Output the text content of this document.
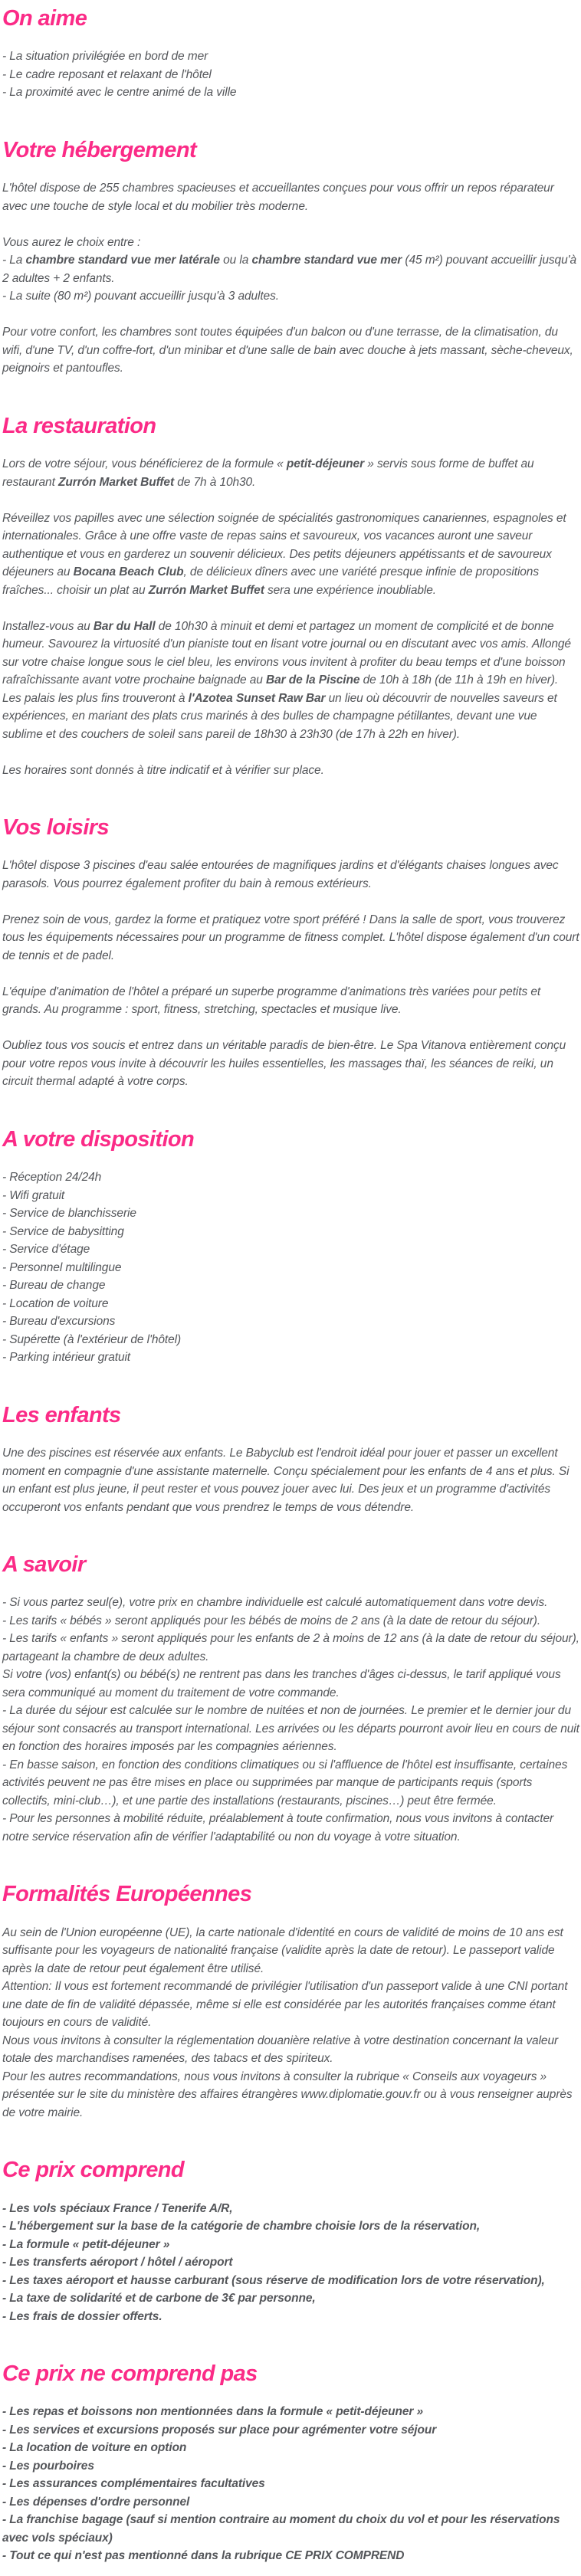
On aime

- La situation privilégiée en bord de mer

- Le cadre reposant et relaxant de l'hôtel

- La proximité avec le centre animé de la ville

Votre hébergement

L'hôtel dispose de 255 chambres spacieuses et accueillantes conçues pour vous offrir un repos réparateur avec une touche de style local et du mobilier très moderne.

Vous aurez le choix entre :

- La chambre standard vue mer latérale ou la chambre standard vue mer (45 m²) pouvant accueillir jusqu'à 2 adultes + 2 enfants.

- La suite (80 m²) pouvant accueillir jusqu'à 3 adultes.

Pour votre confort, les chambres sont toutes équipées d'un balcon ou d'une terrasse, de la climatisation, du wifi, d'une TV, d'un coffre-fort, d'un minibar et d'une salle de bain avec douche à jets massant, sèche-cheveux, peignoirs et pantoufles.

La restauration

Lors de votre séjour, vous bénéficierez de la formule « petit-déjeuner » servis sous forme de buffet au restaurant Zurrón Market Buffet de 7h à 10h30.

Réveillez vos papilles avec une sélection soignée de spécialités gastronomiques canariennes, espagnoles et internationales. Grâce à une offre vaste de repas sains et savoureux, vos vacances auront une saveur authentique et vous en garderez un souvenir délicieux. Des petits déjeuners appétissants et de savoureux déjeuners au Bocana Beach Club, de délicieux dîners avec une variété presque infinie de propositions fraîches... choisir un plat au Zurrón Market Buffet sera une expérience inoubliable.

Installez-vous au Bar du Hall de 10h30 à minuit et demi et partagez un moment de complicité et de bonne humeur. Savourez la virtuosité d'un pianiste tout en lisant votre journal ou en discutant avec vos amis. Allongé sur votre chaise longue sous le ciel bleu, les environs vous invitent à profiter du beau temps et d'une boisson rafraîchissante avant votre prochaine baignade au Bar de la Piscine de 10h à 18h (de 11h à 19h en hiver). Les palais les plus fins trouveront à l'Azotea Sunset Raw Bar un lieu où découvrir de nouvelles saveurs et expériences, en mariant des plats crus marinés à des bulles de champagne pétillantes, devant une vue sublime et des couchers de soleil sans pareil de 18h30 à 23h30 (de 17h à 22h en hiver).

Les horaires sont donnés à titre indicatif et à vérifier sur place.

Vos loisirs

L'hôtel dispose 3 piscines d'eau salée entourées de magnifiques jardins et d'élégants chaises longues avec parasols. Vous pourrez également profiter du bain à remous extérieurs.

Prenez soin de vous, gardez la forme et pratiquez votre sport préféré ! Dans la salle de sport, vous trouverez tous les équipements nécessaires pour un programme de fitness complet. L'hôtel dispose également d'un court de tennis et de padel.

L'équipe d'animation de l'hôtel a préparé un superbe programme d'animations très variées pour petits et grands. Au programme : sport, fitness, stretching, spectacles et musique live.

Oubliez tous vos soucis et entrez dans un véritable paradis de bien-être. Le Spa Vitanova entièrement conçu pour votre repos vous invite à découvrir les huiles essentielles, les massages thaï, les séances de reiki, un circuit thermal adapté à votre corps.

A votre disposition

- Réception 24/24h

- Wifi gratuit

- Service de blanchisserie

- Service de babysitting

- Service d'étage

- Personnel multilingue

- Bureau de change

- Location de voiture

- Bureau d'excursions

- Supérette (à l'extérieur de l'hôtel)

- Parking intérieur gratuit

Les enfants

Une des piscines est réservée aux enfants. Le Babyclub est l'endroit idéal pour jouer et passer un excellent moment en compagnie d'une assistante maternelle. Conçu spécialement pour les enfants de 4 ans et plus. Si un enfant est plus jeune, il peut rester et vous pouvez jouer avec lui. Des jeux et un programme d'activités occuperont vos enfants pendant que vous prendrez le temps de vous détendre.

A savoir

- Si vous partez seul(e), votre prix en chambre individuelle est calculé automatiquement dans votre devis.

- Les tarifs « bébés » seront appliqués pour les bébés de moins de 2 ans (à la date de retour du séjour).

- Les tarifs « enfants » seront appliqués pour les enfants de 2 à moins de 12 ans (à la date de retour du séjour), partageant la chambre de deux adultes.

Si votre (vos) enfant(s) ou bébé(s) ne rentrent pas dans les tranches d'âges ci-dessus, le tarif appliqué vous sera communiqué au moment du traitement de votre commande.

- La durée du séjour est calculée sur le nombre de nuitées et non de journées. Le premier et le dernier jour du séjour sont consacrés au transport international. Les arrivées ou les départs pourront avoir lieu en cours de nuit en fonction des horaires imposés par les compagnies aériennes.

- En basse saison, en fonction des conditions climatiques ou si l'affluence de l'hôtel est insuffisante, certaines activités peuvent ne pas être mises en place ou supprimées par manque de participants requis (sports collectifs, mini-club…), et une partie des installations (restaurants, piscines…) peut être fermée.

- Pour les personnes à mobilité réduite, préalablement à toute confirmation, nous vous invitons à contacter notre service réservation afin de vérifier l'adaptabilité ou non du voyage à votre situation.

Formalités Européennes

Au sein de l'Union européenne (UE), la carte nationale d'identité en cours de validité de moins de 10 ans est suffisante pour les voyageurs de nationalité française (validite après la date de retour). Le passeport valide après la date de retour peut également être utilisé.

Attention: Il vous est fortement recommandé de privilégier l'utilisation d'un passeport valide à une CNI portant une date de fin de validité dépassée, même si elle est considérée par les autorités françaises comme étant toujours en cours de validité.

Nous vous invitons à consulter la réglementation douanière relative à votre destination concernant la valeur totale des marchandises ramenées, des tabacs et des spiriteux.

Pour les autres recommandations, nous vous invitons à consulter la rubrique « Conseils aux voyageurs » présentée sur le site du ministère des affaires étrangères www.diplomatie.gouv.fr ou à vous renseigner auprès de votre mairie.

Ce prix comprend

- Les vols spéciaux France / Tenerife A/R,

- L'hébergement sur la base de la catégorie de chambre choisie lors de la réservation,

- La formule « petit-déjeuner »

- Les transferts aéroport / hôtel / aéroport

- Les taxes aéroport et hausse carburant (sous réserve de modification lors de votre réservation),

- La taxe de solidarité et de carbone de 3€ par personne,

- Les frais de dossier offerts.

Ce prix ne comprend pas

- Les repas et boissons non mentionnées dans la formule « petit-déjeuner »

- Les services et excursions proposés sur place pour agrémenter votre séjour

- La location de voiture en option

- Les pourboires

- Les assurances complémentaires facultatives

- Les dépenses d'ordre personnel

- La franchise bagage (sauf si mention contraire au moment du choix du vol et pour les réservations avec vols spéciaux)

- Tout ce qui n'est pas mentionné dans la rubrique CE PRIX COMPREND
